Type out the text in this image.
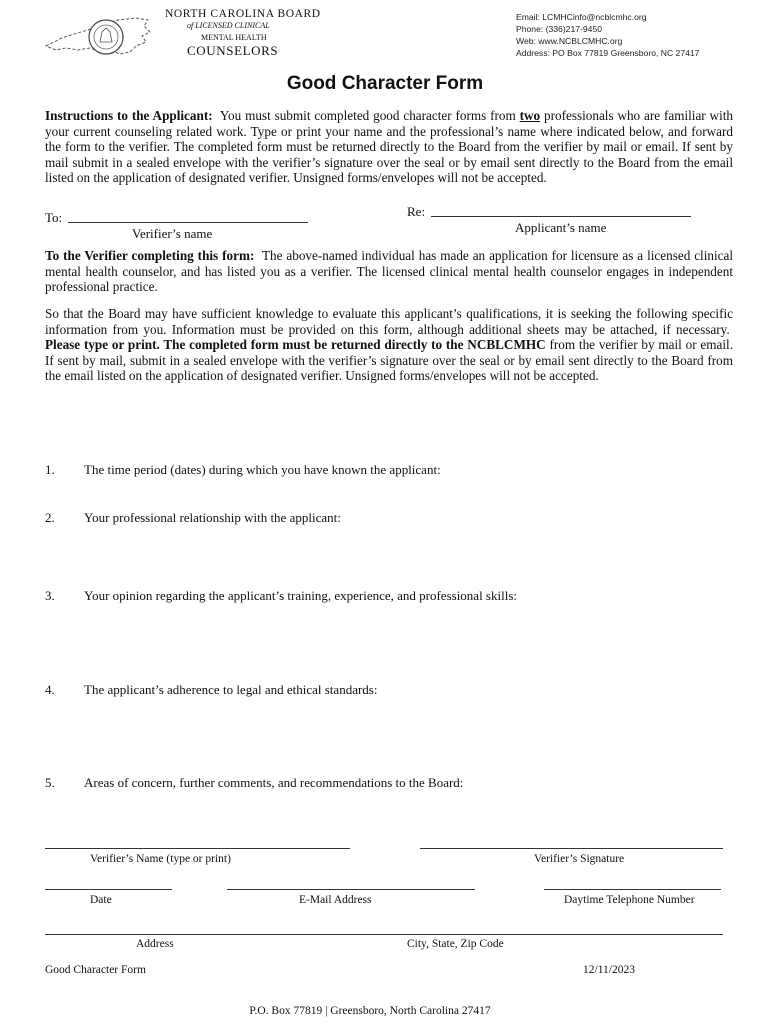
NORTH CAROLINA BOARD
of LICENSED CLINICAL
MENTAL HEALTH
COUNSELORS
Email: LCMHCinfo@ncblcmhc.org
Phone: (336)217-9450
Web: www.NCBLCMHC.org
Address: PO Box 77819 Greensboro, NC 27417
Good Character Form
Instructions to the Applicant: You must submit completed good character forms from two professionals who are familiar with your current counseling related work. Type or print your name and the professional’s name where indicated below, and forward the form to the verifier. The completed form must be returned directly to the Board from the verifier by mail or email. If sent by mail submit in a sealed envelope with the verifier’s signature over the seal or by email sent directly to the Board from the email listed on the application of designated verifier. Unsigned forms/envelopes will not be accepted.
To:
Verifier’s name
Re:
Applicant’s name
To the Verifier completing this form: The above-named individual has made an application for licensure as a licensed clinical mental health counselor, and has listed you as a verifier. The licensed clinical mental health counselor engages in independent professional practice.
So that the Board may have sufficient knowledge to evaluate this applicant’s qualifications, it is seeking the following specific information from you. Information must be provided on this form, although additional sheets may be attached, if necessary.  Please type or print. The completed form must be returned directly to the NCBLCMHC from the verifier by mail or email. If sent by mail, submit in a sealed envelope with the verifier’s signature over the seal or by email sent directly to the Board from the email listed on the application of designated verifier. Unsigned forms/envelopes will not be accepted.
1. The time period (dates) during which you have known the applicant:
2. Your professional relationship with the applicant:
3. Your opinion regarding the applicant’s training, experience, and professional skills:
4. The applicant’s adherence to legal and ethical standards:
5. Areas of concern, further comments, and recommendations to the Board:
Verifier’s Name (type or print)	Verifier’s Signature
Date	E-Mail Address	Daytime Telephone Number
Address	City, State, Zip Code
Good Character Form	12/11/2023
P.O. Box 77819 | Greensboro, North Carolina 27417
